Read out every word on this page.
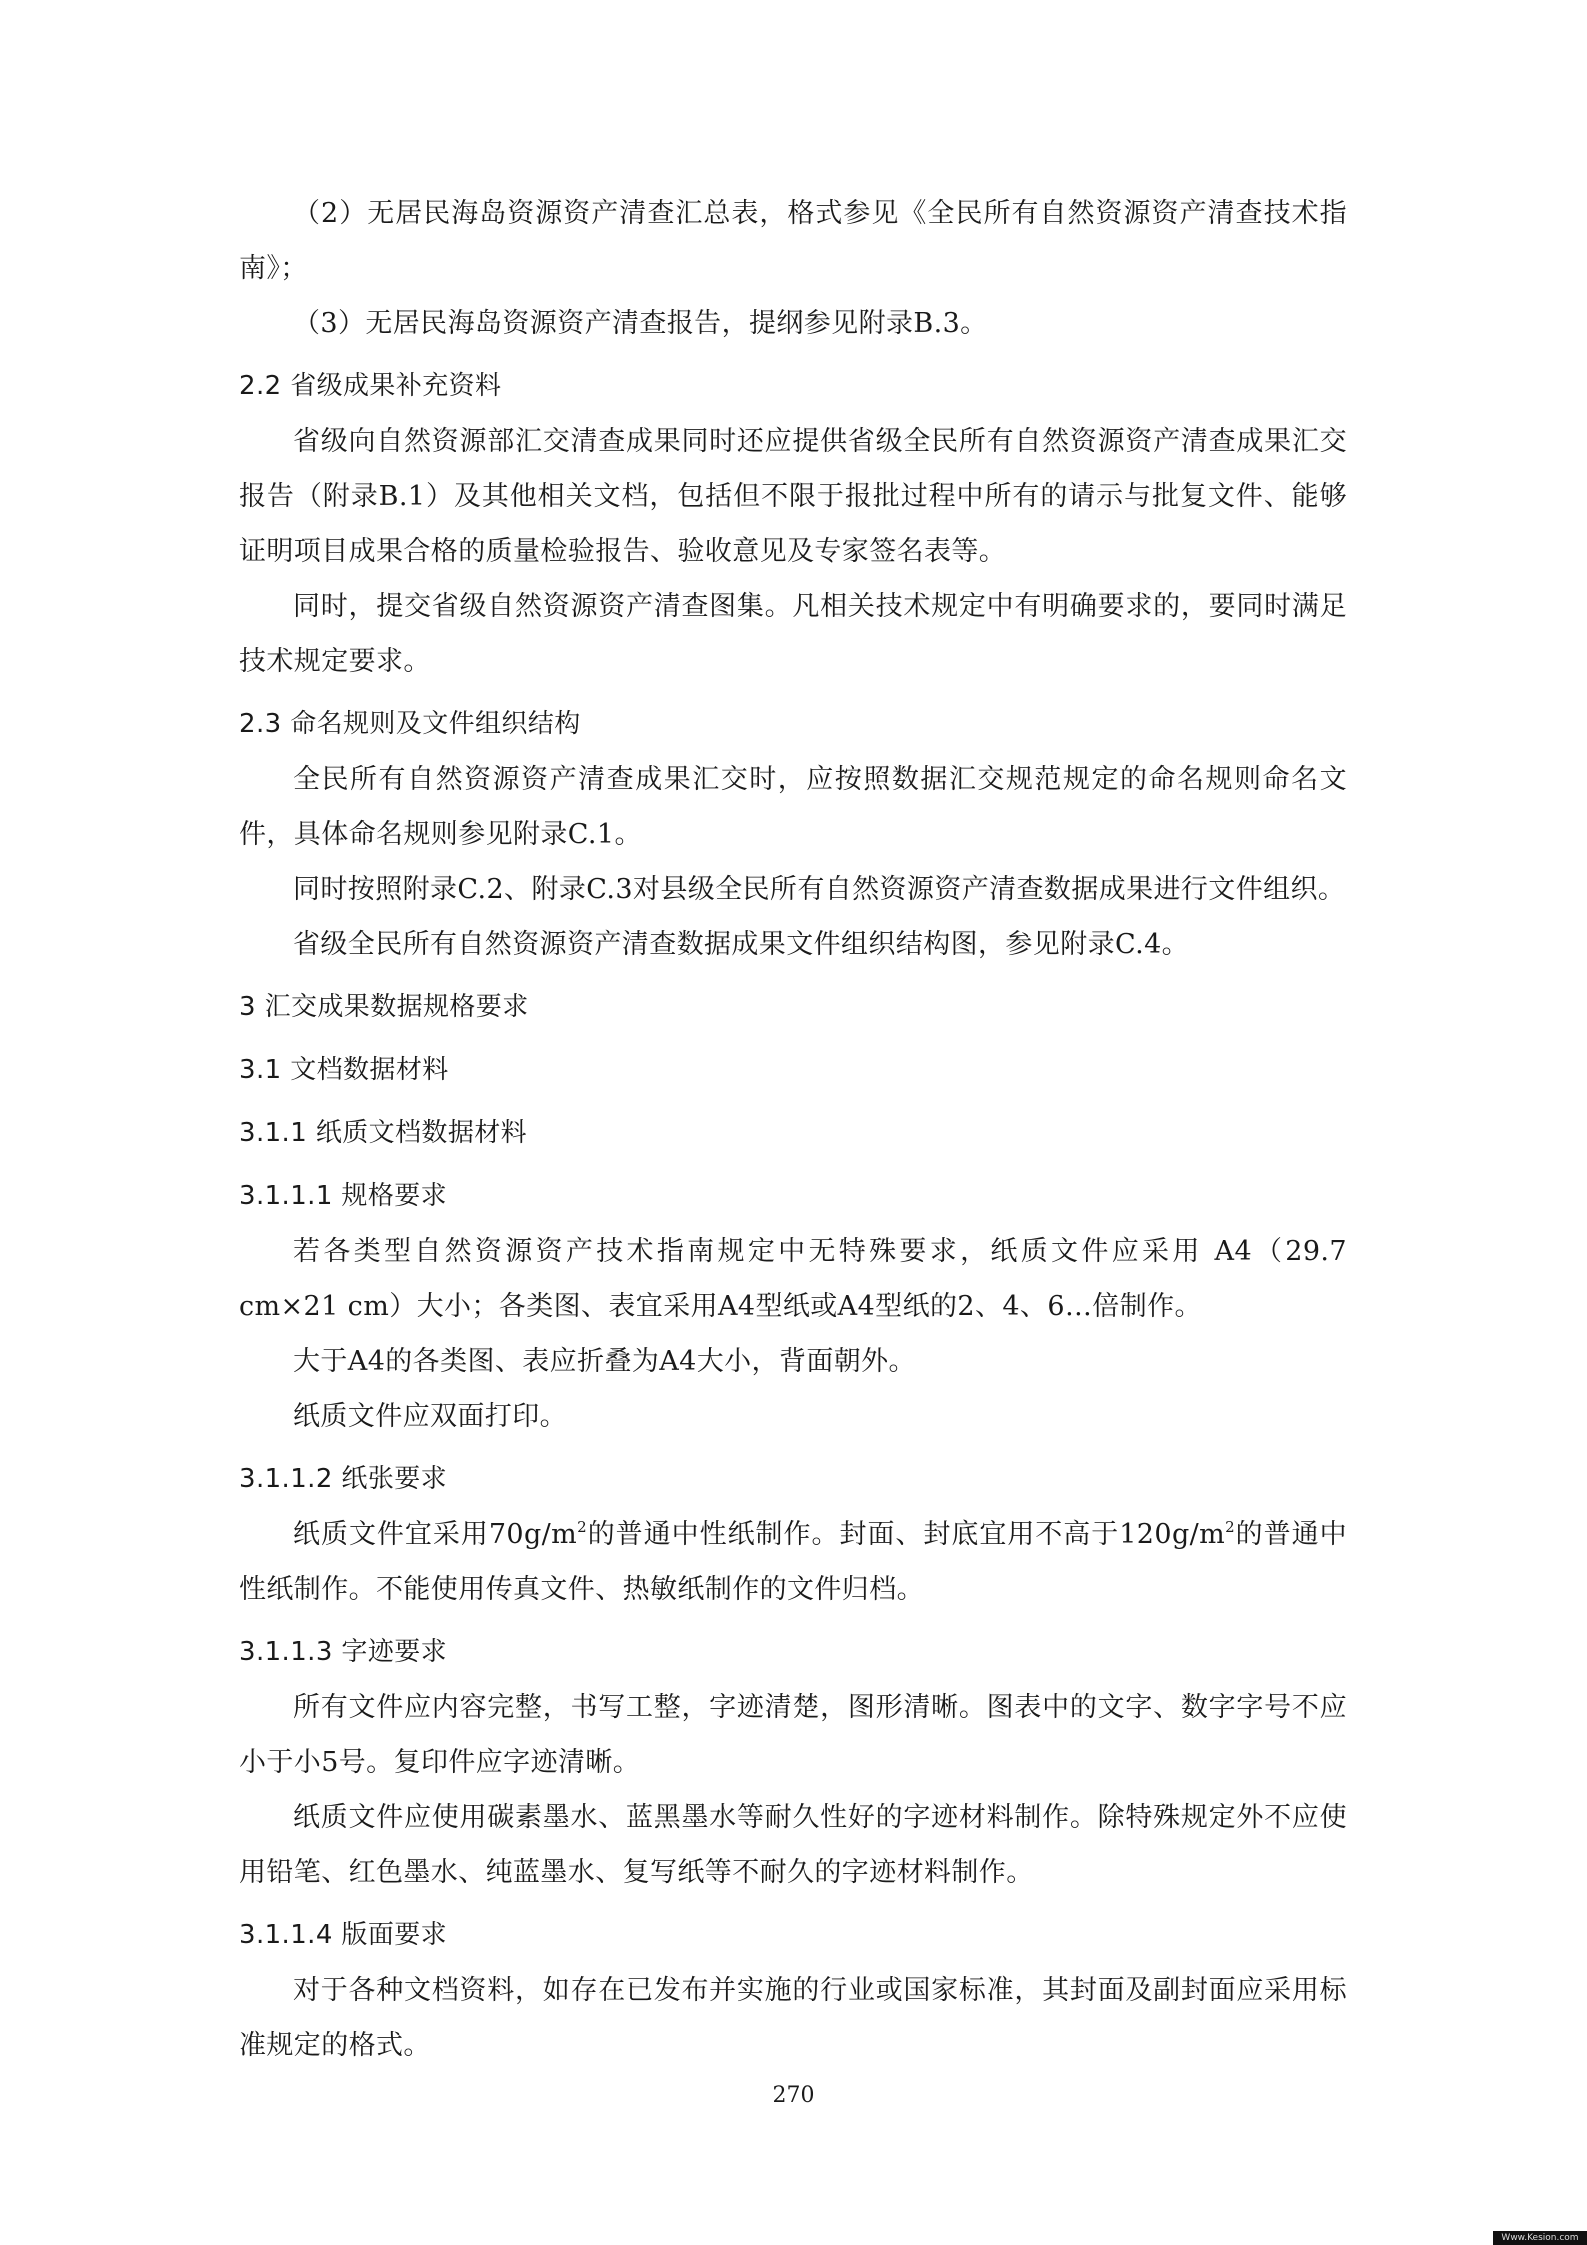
（2）无居民海岛资源资产清查汇总表，格式参见《全民所有自然资源资产清查技术指南》；

（3）无居民海岛资源资产清查报告，提纲参见附录B.3。

2.2 省级成果补充资料

省级向自然资源部汇交清查成果同时还应提供省级全民所有自然资源资产清查成果汇交报告（附录B.1）及其他相关文档，包括但不限于报批过程中所有的请示与批复文件、能够证明项目成果合格的质量检验报告、验收意见及专家签名表等。

同时，提交省级自然资源资产清查图集。凡相关技术规定中有明确要求的，要同时满足技术规定要求。

2.3 命名规则及文件组织结构

全民所有自然资源资产清查成果汇交时，应按照数据汇交规范规定的命名规则命名文件，具体命名规则参见附录C.1。

同时按照附录C.2、附录C.3对县级全民所有自然资源资产清查数据成果进行文件组织。

省级全民所有自然资源资产清查数据成果文件组织结构图，参见附录C.4。

3 汇交成果数据规格要求
3.1 文档数据材料
3.1.1 纸质文档数据材料
3.1.1.1 规格要求

若各类型自然资源资产技术指南规定中无特殊要求，纸质文件应采用 A4（29.7 cm×21 cm）大小；各类图、表宜采用A4型纸或A4型纸的2、4、6…倍制作。

大于A4的各类图、表应折叠为A4大小，背面朝外。

纸质文件应双面打印。

3.1.1.2 纸张要求

纸质文件宜采用$70g/m^2$的普通中性纸制作。封面、封底宜用不高于$120g/m^2$的普通中性纸制作。不能使用传真文件、热敏纸制作的文件归档。

3.1.1.3 字迹要求

所有文件应内容完整，书写工整，字迹清楚，图形清晰。图表中的文字、数字字号不应小于小5号。复印件应字迹清晰。

纸质文件应使用碳素墨水、蓝黑墨水等耐久性好的字迹材料制作。除特殊规定外不应使用铅笔、红色墨水、纯蓝墨水、复写纸等不耐久的字迹材料制作。

3.1.1.4 版面要求

对于各种文档资料，如存在已发布并实施的行业或国家标准，其封面及副封面应采用标准规定的格式。

270
Www.Kesion.com
